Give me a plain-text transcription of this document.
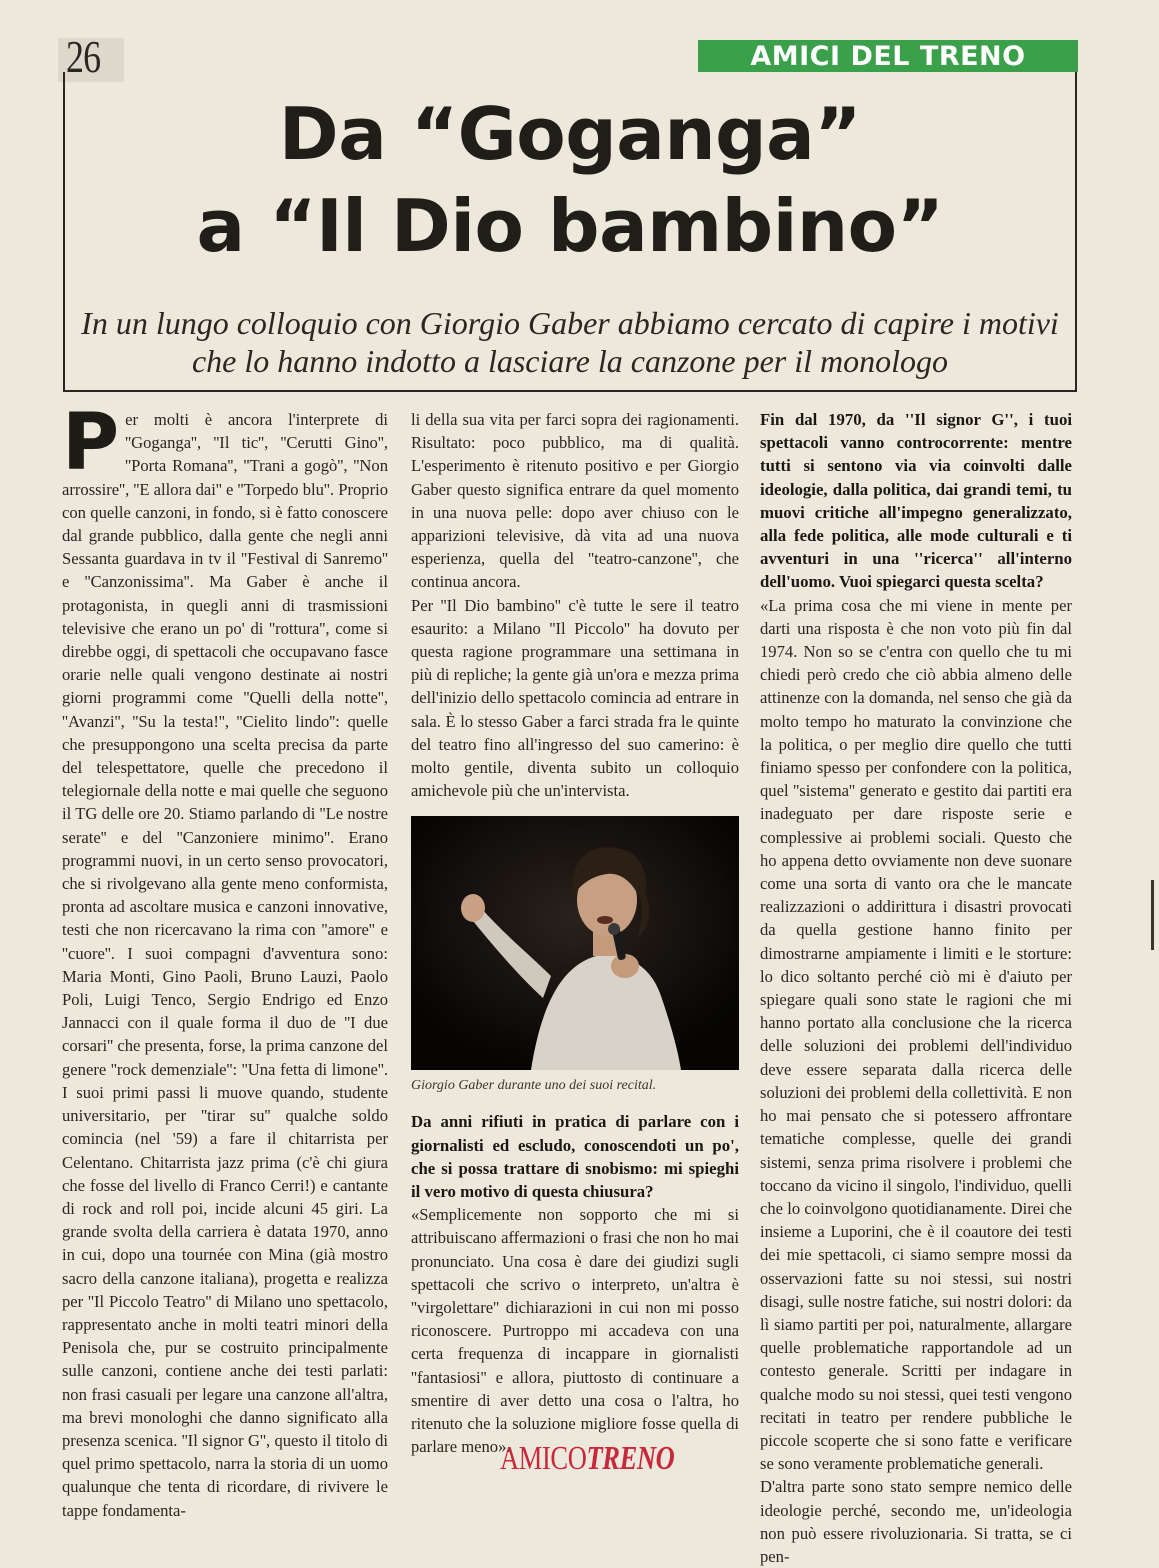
26	AMICI DEL TRENO
Da “Goganga”
a “Il Dio bambino”
In un lungo colloquio con Giorgio Gaber abbiamo cercato di capire i motivi
che lo hanno indotto a lasciare la canzone per il monologo

Per molti è ancora l'interprete di ''Goganga'', ''Il tic'', ''Cerutti Gino'', ''Porta Romana'', ''Trani a gogò'', ''Non arrossire'', ''E allora dai'' e ''Torpedo blu''. Proprio con quelle canzoni, in fondo, si è fatto conoscere dal grande pubblico, dalla gente che negli anni Sessanta guardava in tv il ''Festival di Sanremo'' e ''Canzonissima''. Ma Gaber è anche il protagonista, in quegli anni di trasmissioni televisive che erano un po' di ''rottura'', come si direbbe oggi, di spettacoli che occupavano fasce orarie nelle quali vengono destinate ai nostri giorni programmi come ''Quelli della notte'', ''Avanzi'', ''Su la testa!'', ''Cielito lindo'': quelle che presuppongono una scelta precisa da parte del telespettatore, quelle che precedono il telegiornale della notte e mai quelle che seguono il TG delle ore 20. Stiamo parlando di ''Le nostre serate'' e del ''Canzoniere minimo''. Erano programmi nuovi, in un certo senso provocatori, che si rivolgevano alla gente meno conformista, pronta ad ascoltare musica e canzoni innovative, testi che non ricercavano la rima con ''amore'' e ''cuore''. I suoi compagni d'avventura sono: Maria Monti, Gino Paoli, Bruno Lauzi, Paolo Poli, Luigi Tenco, Sergio Endrigo ed Enzo Jannacci con il quale forma il duo de ''I due corsari'' che presenta, forse, la prima canzone del genere ''rock demenziale'': ''Una fetta di limone''. I suoi primi passi li muove quando, studente universitario, per ''tirar su'' qualche soldo comincia (nel '59) a fare il chitarrista per Celentano. Chitarrista jazz prima (c'è chi giura che fosse del livello di Franco Cerri!) e cantante di rock and roll poi, incide alcuni 45 giri. La grande svolta della carriera è datata 1970, anno in cui, dopo una tournée con Mina (già mostro sacro della canzone italiana), progetta e realizza per ''Il Piccolo Teatro'' di Milano uno spettacolo, rappresentato anche in molti teatri minori della Penisola che, pur se costruito principalmente sulle canzoni, contiene anche dei testi parlati: non frasi casuali per legare una canzone all'altra, ma brevi monologhi che danno significato alla presenza scenica. ''Il signor G'', questo il titolo di quel primo spettacolo, narra la storia di un uomo qualunque che tenta di ricordare, di rivivere le tappe fondamenta-

li della sua vita per farci sopra dei ragionamenti. Risultato: poco pubblico, ma di qualità. L'esperimento è ritenuto positivo e per Giorgio Gaber questo significa entrare da quel momento in una nuova pelle: dopo aver chiuso con le apparizioni televisive, dà vita ad una nuova esperienza, quella del ''teatro-canzone'', che continua ancora.

Per ''Il Dio bambino'' c'è tutte le sere il teatro esaurito: a Milano ''Il Piccolo'' ha dovuto per questa ragione programmare una settimana in più di repliche; la gente già un'ora e mezza prima dell'inizio dello spettacolo comincia ad entrare in sala. È lo stesso Gaber a farci strada fra le quinte del teatro fino all'ingresso del suo camerino: è molto gentile, diventa subito un colloquio amichevole più che un'intervista.

Giorgio Gaber durante uno dei suoi recital.

Da anni rifiuti in pratica di parlare con i giornalisti ed escludo, conoscendoti un po', che si possa trattare di snobismo: mi spieghi il vero motivo di questa chiusura?

«Semplicemente non sopporto che mi si attribuiscano affermazioni o frasi che non ho mai pronunciato. Una cosa è dare dei giudizi sugli spettacoli che scrivo o interpreto, un'altra è ''virgolettare'' dichiarazioni in cui non mi posso riconoscere. Purtroppo mi accadeva con una certa frequenza di incappare in giornalisti ''fantasiosi'' e allora, piuttosto di continuare a smentire di aver detto una cosa o l'altra, ho ritenuto che la soluzione migliore fosse quella di parlare meno».

Fin dal 1970, da ''Il signor G'', i tuoi spettacoli vanno controcorrente: mentre tutti si sentono via via coinvolti dalle ideologie, dalla politica, dai grandi temi, tu muovi critiche all'impegno generalizzato, alla fede politica, alle mode culturali e ti avventuri in una ''ricerca'' all'interno dell'uomo. Vuoi spiegarci questa scelta?

«La prima cosa che mi viene in mente per darti una risposta è che non voto più fin dal 1974. Non so se c'entra con quello che tu mi chiedi però credo che ciò abbia almeno delle attinenze con la domanda, nel senso che già da molto tempo ho maturato la convinzione che la politica, o per meglio dire quello che tutti finiamo spesso per confondere con la politica, quel ''sistema'' generato e gestito dai partiti era inadeguato per dare risposte serie e complessive ai problemi sociali. Questo che ho appena detto ovviamente non deve suonare come una sorta di vanto ora che le mancate realizzazioni o addirittura i disastri provocati da quella gestione hanno finito per dimostrarne ampiamente i limiti e le storture: lo dico soltanto perché ciò mi è d'aiuto per spiegare quali sono state le ragioni che mi hanno portato alla conclusione che la ricerca delle soluzioni dei problemi dell'individuo deve essere separata dalla ricerca delle soluzioni dei problemi della collettività. E non ho mai pensato che si potessero affrontare tematiche complesse, quelle dei grandi sistemi, senza prima risolvere i problemi che toccano da vicino il singolo, l'individuo, quelli che lo coinvolgono quotidianamente. Direi che insieme a Luporini, che è il coautore dei testi dei mie spettacoli, ci siamo sempre mossi da osservazioni fatte su noi stessi, sui nostri disagi, sulle nostre fatiche, sui nostri dolori: da lì siamo partiti per poi, naturalmente, allargare quelle problematiche rapportandole ad un contesto generale. Scritti per indagare in qualche modo su noi stessi, quei testi vengono recitati in teatro per rendere pubbliche le piccole scoperte che si sono fatte e verificare se sono veramente problematiche generali.

D'altra parte sono stato sempre nemico delle ideologie perché, secondo me, un'ideologia non può essere rivoluzionaria. Si tratta, se ci pen-

AMICOTRENO
